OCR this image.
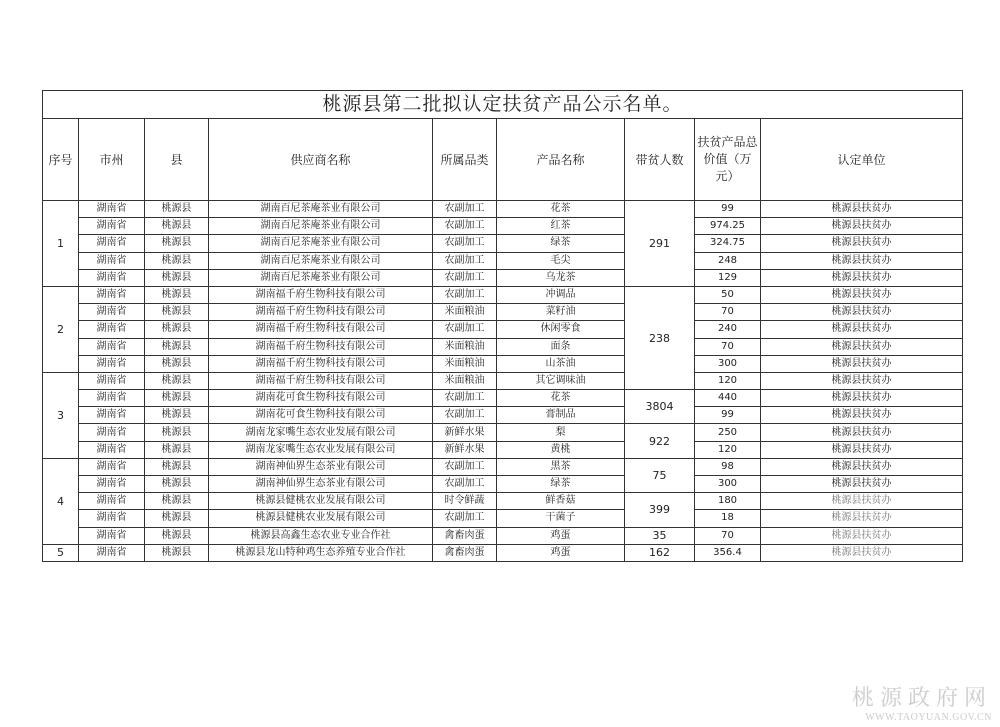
桃源县第二批拟认定扶贫产品公示名单。								
序号	市州	县	供应商名称	所属品类	产品名称	带贫人数	扶贫产品总价值（万元）	认定单位
1	湖南省	桃源县	湖南百尼茶庵茶业有限公司	农副加工	花茶	291	99	桃源县扶贫办
	湖南省	桃源县	湖南百尼茶庵茶业有限公司	农副加工	红茶		974.25	桃源县扶贫办
	湖南省	桃源县	湖南百尼茶庵茶业有限公司	农副加工	绿茶		324.75	桃源县扶贫办
	湖南省	桃源县	湖南百尼茶庵茶业有限公司	农副加工	毛尖		248	桃源县扶贫办
	湖南省	桃源县	湖南百尼茶庵茶业有限公司	农副加工	乌龙茶		129	桃源县扶贫办
2	湖南省	桃源县	湖南福千府生物科技有限公司	农副加工	冲调品	238	50	桃源县扶贫办
	湖南省	桃源县	湖南福千府生物科技有限公司	米面粮油	菜籽油		70	桃源县扶贫办
	湖南省	桃源县	湖南福千府生物科技有限公司	农副加工	休闲零食		240	桃源县扶贫办
	湖南省	桃源县	湖南福千府生物科技有限公司	米面粮油	面条		70	桃源县扶贫办
	湖南省	桃源县	湖南福千府生物科技有限公司	米面粮油	山茶油		300	桃源县扶贫办
3	湖南省	桃源县	湖南福千府生物科技有限公司	米面粮油	其它调味油		120	桃源县扶贫办
	湖南省	桃源县	湖南花可食生物科技有限公司	农副加工	花茶	3804	440	桃源县扶贫办
	湖南省	桃源县	湖南花可食生物科技有限公司	农副加工	膏制品		99	桃源县扶贫办
	湖南省	桃源县	湖南龙家嘴生态农业发展有限公司	新鲜水果	梨	922	250	桃源县扶贫办
	湖南省	桃源县	湖南龙家嘴生态农业发展有限公司	新鲜水果	黄桃		120	桃源县扶贫办
4	湖南省	桃源县	湖南神仙界生态茶业有限公司	农副加工	黑茶	75	98	桃源县扶贫办
	湖南省	桃源县	湖南神仙界生态茶业有限公司	农副加工	绿茶		300	桃源县扶贫办
	湖南省	桃源县	桃源县健桃农业发展有限公司	时令鲜蔬	鲜香菇	399	180	桃源县扶贫办
	湖南省	桃源县	桃源县健桃农业发展有限公司	农副加工	干菌子		18	桃源县扶贫办
	湖南省	桃源县	桃源县高鑫生态农业专业合作社	禽畜肉蛋	鸡蛋	35	70	桃源县扶贫办
5	湖南省	桃源县	桃源县龙山特种鸡生态养殖专业合作社	禽畜肉蛋	鸡蛋	162	356.4	桃源县扶贫办
桃源政府网
WWW.TAOYUAN.GOV.CN
